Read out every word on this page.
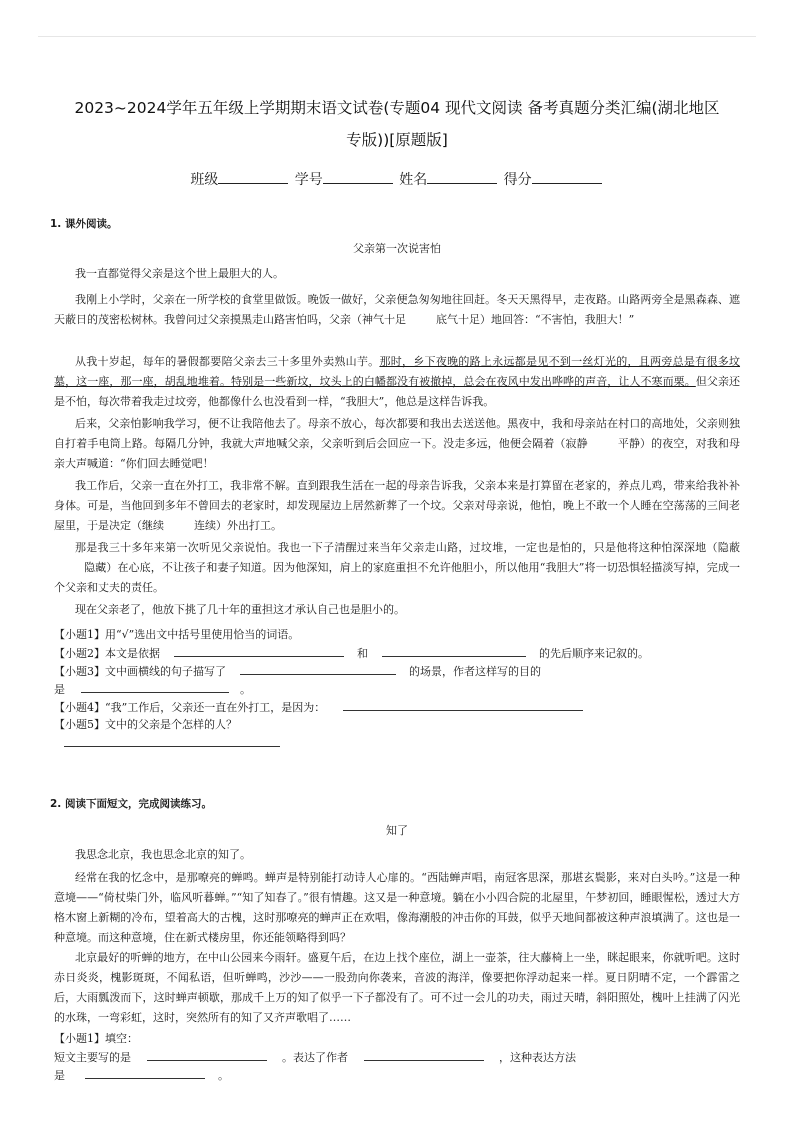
2023~2024学年五年级上学期期末语文试卷(专题04 现代文阅读 备考真题分类汇编(湖北地区
专版))[原题版]
班级	学号	姓名	得分
1. 课外阅读。
父亲第一次说害怕
我一直都觉得父亲是这个世上最胆大的人。
我刚上小学时，父亲在一所学校的食堂里做饭。晚饭一做好，父亲便急匆匆地往回赶。冬天天黑得早，走夜路。山路两旁全是黑森森、遮天蔽日的茂密松树林。我曾问过父亲摸黑走山路害怕吗，父亲（神气十足	底气十足）地回答：“不害怕，我胆大！”
从我十岁起，每年的暑假都要陪父亲去三十多里外卖熟山芋。那时，乡下夜晚的路上永远都是见不到一丝灯光的，且两旁总是有很多坟墓，这一座，那一座，胡乱地堆着。特别是一些新坟，坟头上的白幡都没有被撤掉，总会在夜风中发出哗哗的声音，让人不寒而栗。但父亲还是不怕，每次带着我走过坟旁，他都像什么也没看到一样，“我胆大”，他总是这样告诉我。
后来，父亲怕影响我学习，便不让我陪他去了。母亲不放心，每次都要和我出去送送他。黑夜中，我和母亲站在村口的高地处，父亲则独自打着手电筒上路。每隔几分钟，我就大声地喊父亲，父亲听到后会回应一下。没走多远，他便会隔着（寂静	平静）的夜空，对我和母亲大声喊道：“你们回去睡觉吧！
我工作后，父亲一直在外打工，我非常不解。直到跟我生活在一起的母亲告诉我，父亲本来是打算留在老家的，养点儿鸡，带来给我补补身体。可是，当他回到多年不曾回去的老家时，却发现屋边上居然新葬了一个坟。父亲对母亲说，他怕，晚上不敢一个人睡在空荡荡的三间老屋里，于是决定（继续	连续）外出打工。
那是我三十多年来第一次听见父亲说怕。我也一下子清醒过来当年父亲走山路，过坟堆，一定也是怕的，只是他将这种怕深深地（隐蔽隐藏）在心底，不让孩子和妻子知道。因为他深知，肩上的家庭重担不允许他胆小，所以他用“我胆大”将一切恐惧轻描淡写掉，完成一个父亲和丈夫的责任。
现在父亲老了，他放下挑了几十年的重担这才承认自己也是胆小的。
【小题1】用“√”选出文中括号里使用恰当的词语。
【小题2】本文是依据	和	的先后顺序来记叙的。
【小题3】文中画横线的句子描写了	的场景，作者这样写的目的
是	。
【小题4】“我”工作后，父亲还一直在外打工，是因为：
【小题5】文中的父亲是个怎样的人？
2. 阅读下面短文，完成阅读练习。
知了
我思念北京，我也思念北京的知了。
经常在我的忆念中，是那嘹亮的蝉鸣。蝉声是特别能打动诗人心扉的。“西陆蝉声唱，南冠客思深，那堪玄鬓影，来对白头吟。”这是一种意境——“倚杖柴门外，临风听暮蝉。”“知了知春了。”很有情趣。这又是一种意境。躺在小小四合院的北屋里，午梦初回，睡眼惺松，透过大方格木窗上新糊的冷布，望着高大的古槐，这时那嘹亮的蝉声正在欢唱，像海潮般的冲击你的耳鼓，似乎天地间都被这种声浪填满了。这也是一种意境。而这种意境，住在新式楼房里，你还能领略得到吗？
北京最好的听蝉的地方，在中山公园来今雨轩。盛夏午后，在边上找个座位，湖上一壶茶，往大藤椅上一坐，眯起眼来，你就听吧。这时赤日炎炎，槐影斑斑，不闻私语，但听蝉鸣，沙沙——一股劲向你袭来，音波的海洋，像要把你浮动起来一样。夏日阴晴不定，一个霹雷之后，大雨瓢泼而下，这时蝉声顿歇，那成千上万的知了似乎一下子都没有了。可不过一会儿的功夫，雨过天晴，斜阳照处，槐叶上挂满了闪光的水珠，一弯彩虹，这时，突然所有的知了又齐声歌唱了……
【小题1】填空：
短文主要写的是	。表达了作者	，这种表达方法
是	。
